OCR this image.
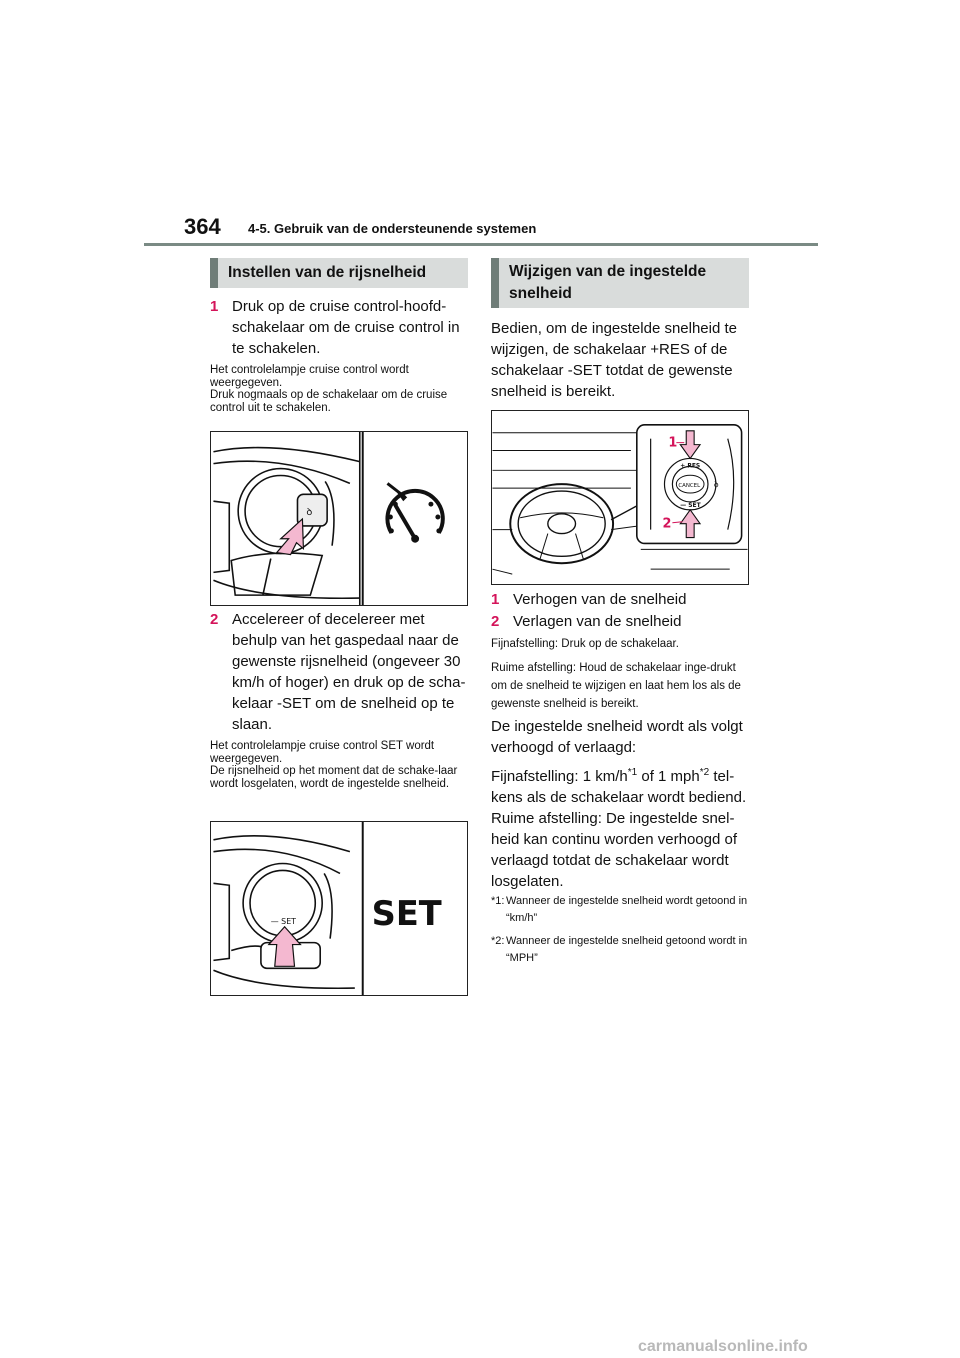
364 4-5. Gebruik van de ondersteunende systemen
Instellen van de rijsnelheid
1 Druk op de cruise control-hoofd-schakelaar om de cruise control in te schakelen.
Het controlelampje cruise control wordt weergegeven.
Druk nogmaals op de schakelaar om de cruise control uit te schakelen.
ꝺ
2 Accelereer of decelereer met behulp van het gaspedaal naar de gewenste rijsnelheid (ongeveer 30 km/h of hoger) en druk op de scha-kelaar -SET om de snelheid op te slaan.
Het controlelampje cruise control SET wordt weergegeven.
De rijsnelheid op het moment dat de schake-laar wordt losgelaten, wordt de ingestelde snelheid.
— SET SET
Wijzigen van de ingestelde snelheid
Bedien, om de ingestelde snelheid te wijzigen, de schakelaar +RES of de schakelaar -SET totdat de gewenste snelheid is bereikt.
CANCEL
+ RES
— SET
ꝺ
1
2
1 Verhogen van de snelheid
2 Verlagen van de snelheid
Fijnafstelling: Druk op de schakelaar.
Ruime afstelling: Houd de schakelaar inge-drukt om de snelheid te wijzigen en laat hem los als de gewenste snelheid is bereikt.
De ingestelde snelheid wordt als volgt verhoogd of verlaagd:
Fijnafstelling: 1 $km/h^{*1}$ of 1 mph$^{*2}$ tel-kens als de schakelaar wordt bediend.
Ruime afstelling: De ingestelde snel-heid kan continu worden verhoogd of verlaagd totdat de schakelaar wordt losgelaten.
*1: Wanneer de ingestelde snelheid wordt getoond in “km/h”
*2: Wanneer de ingestelde snelheid getoond wordt in “MPH”
carmanualsonline.info
